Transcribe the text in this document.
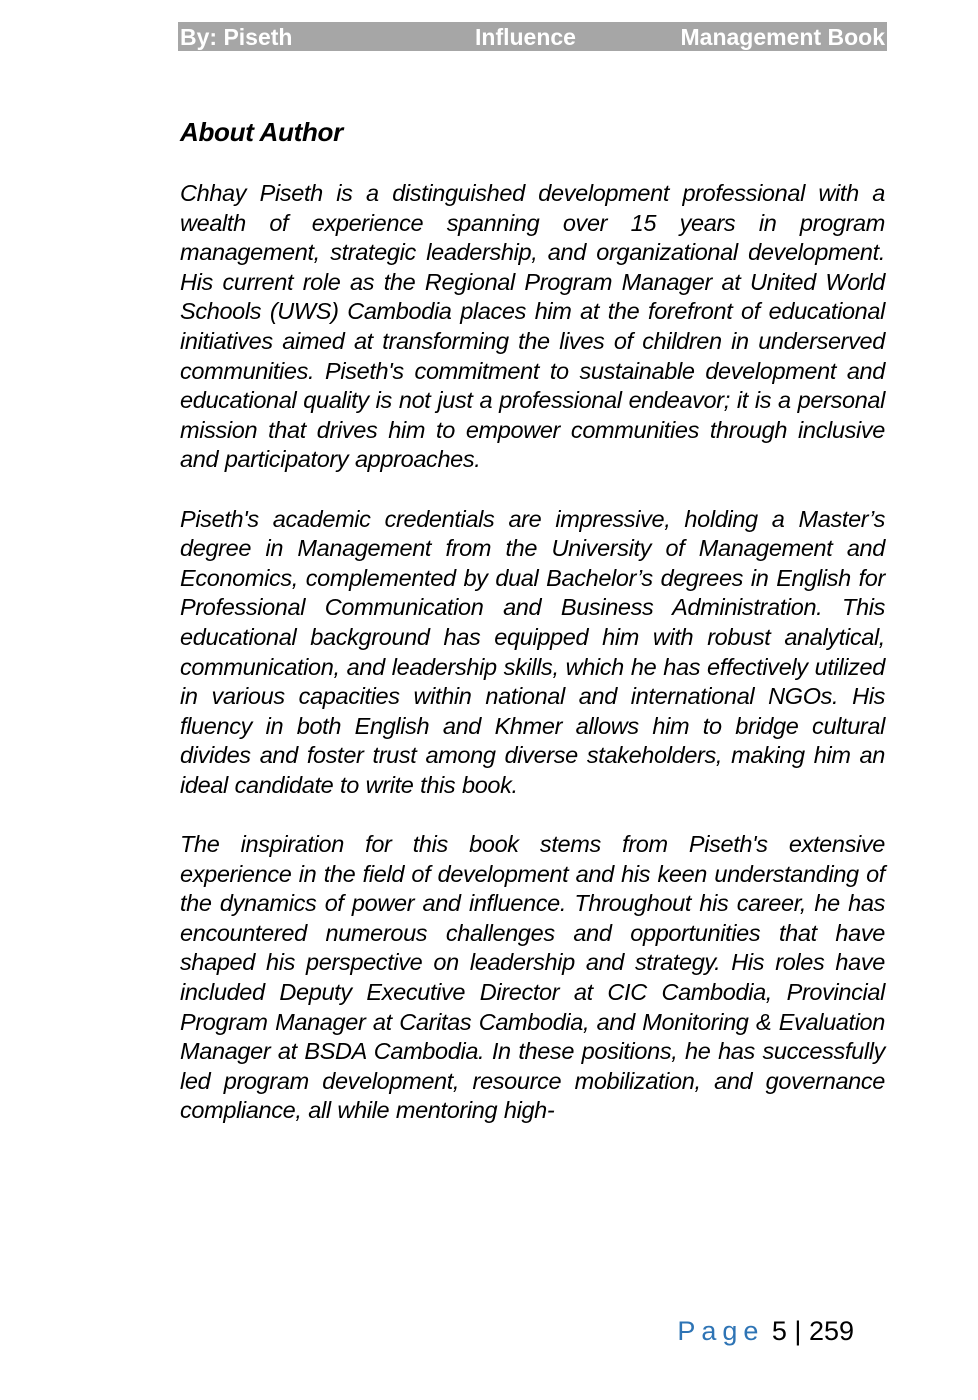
By: Piseth	Influence	Management Book
About Author

Chhay Piseth is a distinguished development professional with a wealth of experience spanning over 15 years in program management, strategic leadership, and organizational development. His current role as the Regional Program Manager at United World Schools (UWS) Cambodia places him at the forefront of educational initiatives aimed at transforming the lives of children in underserved communities. Piseth's commitment to sustainable development and educational quality is not just a professional endeavor; it is a personal mission that drives him to empower communities through inclusive and participatory approaches.

Piseth's academic credentials are impressive, holding a Master’s degree in Management from the University of Management and Economics, complemented by dual Bachelor’s degrees in English for Professional Communication and Business Administration. This educational background has equipped him with robust analytical, communication, and leadership skills, which he has effectively utilized in various capacities within national and international NGOs. His fluency in both English and Khmer allows him to bridge cultural divides and foster trust among diverse stakeholders, making him an ideal candidate to write this book.

The inspiration for this book stems from Piseth's extensive experience in the field of development and his keen understanding of the dynamics of power and influence. Throughout his career, he has encountered numerous challenges and opportunities that have shaped his perspective on leadership and strategy. His roles have included Deputy Executive Director at CIC Cambodia, Provincial Program Manager at Caritas Cambodia, and Monitoring & Evaluation Manager at BSDA Cambodia. In these positions, he has successfully led program development, resource mobilization, and governance compliance, all while mentoring high-

Page 5 | 259
